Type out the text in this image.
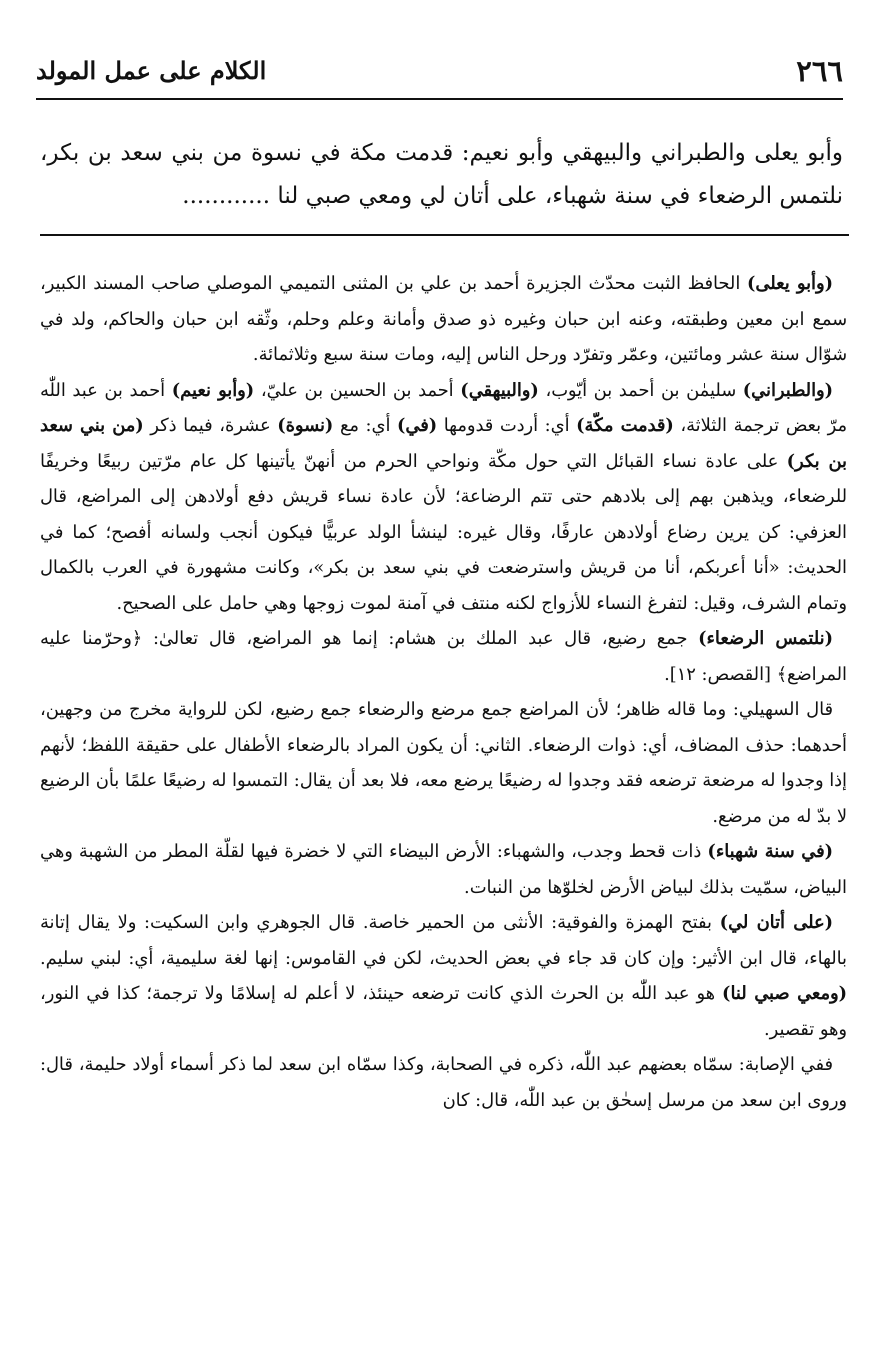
٢٦٦
الكلام على عمل المولد

وأبو يعلى والطبراني والبيهقي وأبو نعيم: قدمت مكة في نسوة من بني سعد بن بكر، نلتمس الرضعاء في سنة شهباء، على أتان لي ومعي صبي لنا ............

(وأبو يعلى) الحافظ الثبت محدّث الجزيرة أحمد بن علي بن المثنى التميمي الموصلي صاحب المسند الكبير، سمع ابن معين وطبقته، وعنه ابن حبان وغيره ذو صدق وأمانة وعلم وحلم، وثّقه ابن حبان والحاكم، ولد في شوّال سنة عشر ومائتين، وعمّر وتفرّد ورحل الناس إليه، ومات سنة سبع وثلاثمائة.

(والطبراني) سليمٰن بن أحمد بن أيّوب، (والبيهقي) أحمد بن الحسين بن عليّ، (وأبو نعيم) أحمد بن عبد اللّٰه مرّ بعض ترجمة الثلاثة، (قدمت مكّة) أي: أردت قدومها (في) أي: مع (نسوة) عشرة، فيما ذكر (من بني سعد بن بكر) على عادة نساء القبائل التي حول مكّة ونواحي الحرم من أنهنّ يأتينها كل عام مرّتين ربيعًا وخريفًا للرضعاء، ويذهبن بهم إلى بلادهم حتى تتم الرضاعة؛ لأن عادة نساء قريش دفع أولادهن إلى المراضع، قال العزفي: كن يرين رضاع أولادهن عارفًا، وقال غيره: لينشأ الولد عربيًّا فيكون أنجب ولسانه أفصح؛ كما في الحديث: «أنا أعربكم، أنا من قريش واسترضعت في بني سعد بن بكر»، وكانت مشهورة في العرب بالكمال وتمام الشرف، وقيل: لتفرغ النساء للأزواج لكنه منتف في آمنة لموت زوجها وهي حامل على الصحيح.

(نلتمس الرضعاء) جمع رضيع، قال عبد الملك بن هشام: إنما هو المراضع، قال تعالىٰ: ﴿وحرّمنا عليه المراضع﴾ [القصص: ١٢].

قال السهيلي: وما قاله ظاهر؛ لأن المراضع جمع مرضع والرضعاء جمع رضيع، لكن للرواية مخرج من وجهين، أحدهما: حذف المضاف، أي: ذوات الرضعاء. الثاني: أن يكون المراد بالرضعاء الأطفال على حقيقة اللفظ؛ لأنهم إذا وجدوا له مرضعة ترضعه فقد وجدوا له رضيعًا يرضع معه، فلا بعد أن يقال: التمسوا له رضيعًا علمًا بأن الرضيع لا بدّ له من مرضع.

(في سنة شهباء) ذات قحط وجدب، والشهباء: الأرض البيضاء التي لا خضرة فيها لقلّة المطر من الشهبة وهي البياض، سمّيت بذلك لبياض الأرض لخلوّها من النبات.

(على أتان لي) بفتح الهمزة والفوقية: الأنثى من الحمير خاصة. قال الجوهري وابن السكيت: ولا يقال إتانة بالهاء، قال ابن الأثير: وإن كان قد جاء في بعض الحديث، لكن في القاموس: إنها لغة سليمية، أي: لبني سليم. (ومعي صبي لنا) هو عبد اللّٰه بن الحرث الذي كانت ترضعه حينئذ، لا أعلم له إسلامًا ولا ترجمة؛ كذا في النور، وهو تقصير.

ففي الإصابة: سمّاه بعضهم عبد اللّٰه، ذكره في الصحابة، وكذا سمّاه ابن سعد لما ذكر أسماء أولاد حليمة، قال: وروى ابن سعد من مرسل إسحٰق بن عبد اللّٰه، قال: كان
